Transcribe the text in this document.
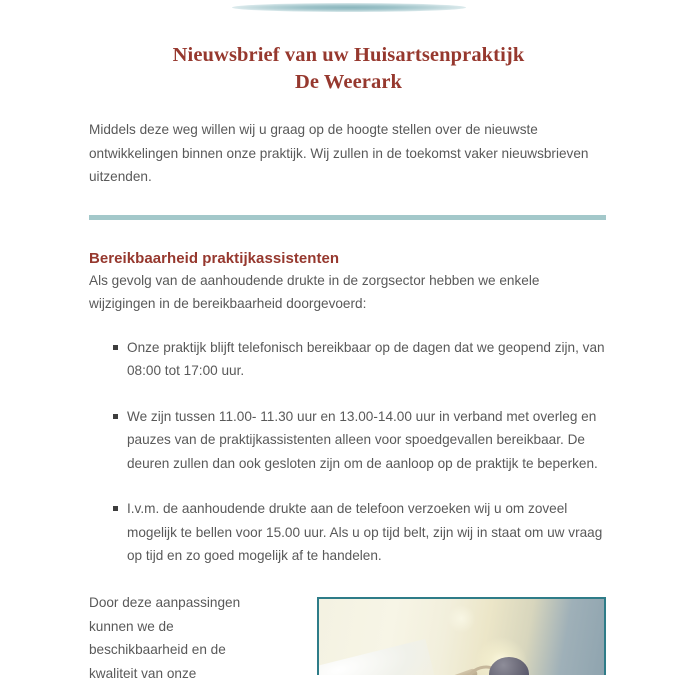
Nieuwsbrief van uw Huisartsenpraktijk
De Weerark

Middels deze weg willen wij u graag op de hoogte stellen over de nieuwste ontwikkelingen binnen onze praktijk. Wij zullen in de toekomst vaker nieuwsbrieven uitzenden.

Bereikbaarheid praktijkassistenten

Als gevolg van de aanhoudende drukte in de zorgsector hebben we enkele wijzigingen in de bereikbaarheid doorgevoerd:

Onze praktijk blijft telefonisch bereikbaar op de dagen dat we geopend zijn, van 08:00 tot 17:00 uur.
We zijn tussen 11.00- 11.30 uur en 13.00-14.00 uur in verband met overleg en pauzes van de praktijkassistenten alleen voor spoedgevallen bereikbaar. De deuren zullen dan ook gesloten zijn om de aanloop op de praktijk te beperken.
I.v.m. de aanhoudende drukte aan de telefoon verzoeken wij u om zoveel mogelijk te bellen voor 15.00 uur. Als u op tijd belt, zijn wij in staat om uw vraag op tijd en zo goed mogelijk af te handelen.
Door deze aanpassingen kunnen we de beschikbaarheid en de kwaliteit van onze
